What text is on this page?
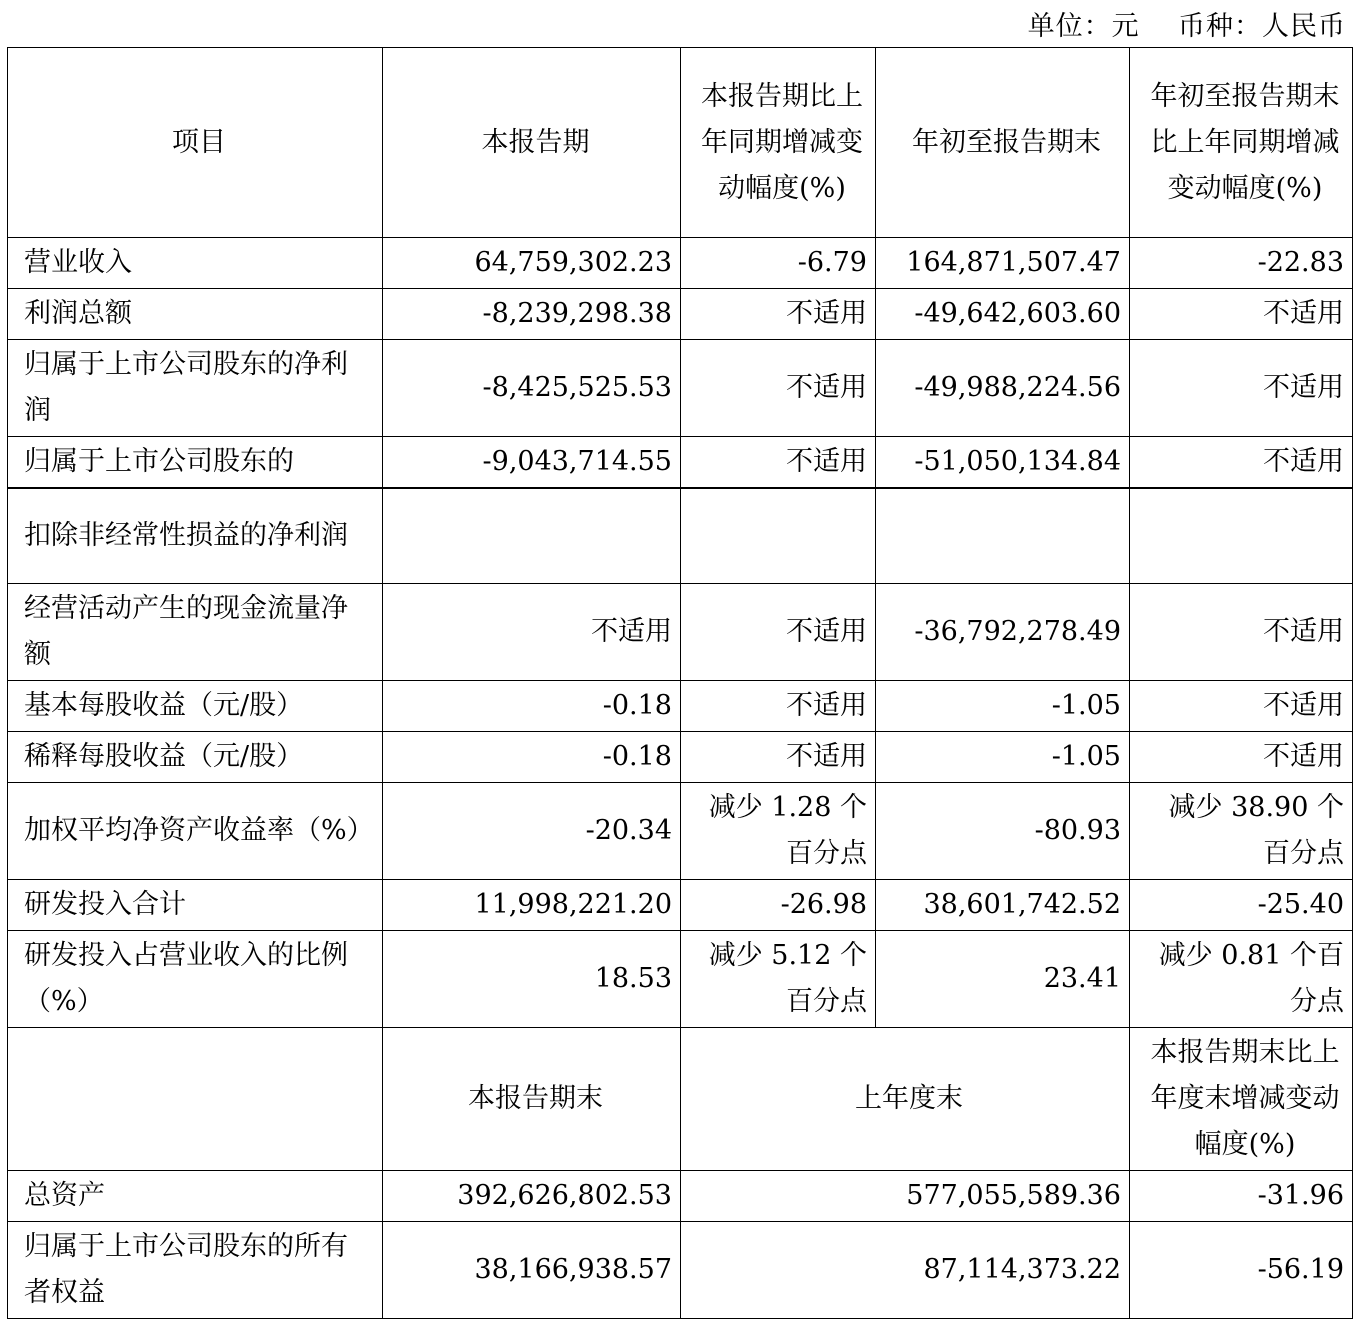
单位：元    币种：人民币
项目	本报告期	本报告期比上年同期增减变动幅度(%)	年初至报告期末	年初至报告期末比上年同期增减变动幅度(%)
营业收入	64,759,302.23	-6.79	164,871,507.47	-22.83
利润总额	-8,239,298.38	不适用	-49,642,603.60	不适用
归属于上市公司股东的净利润	-8,425,525.53	不适用	-49,988,224.56	不适用
归属于上市公司股东的	-9,043,714.55	不适用	-51,050,134.84	不适用
扣除非经常性损益的净利润				
经营活动产生的现金流量净额	不适用	不适用	-36,792,278.49	不适用
基本每股收益（元/股）	-0.18	不适用	-1.05	不适用
稀释每股收益（元/股）	-0.18	不适用	-1.05	不适用
加权平均净资产收益率（%）	-20.34	减少 1.28 个百分点	-80.93	减少 38.90 个百分点
研发投入合计	11,998,221.20	-26.98	38,601,742.52	-25.40
研发投入占营业收入的比例（%）	18.53	减少 5.12 个百分点	23.41	减少 0.81 个百分点
	本报告期末	上年度末		本报告期末比上年度末增减变动幅度(%)
总资产	392,626,802.53	577,055,589.36		-31.96
归属于上市公司股东的所有者权益	38,166,938.57	87,114,373.22		-56.19
